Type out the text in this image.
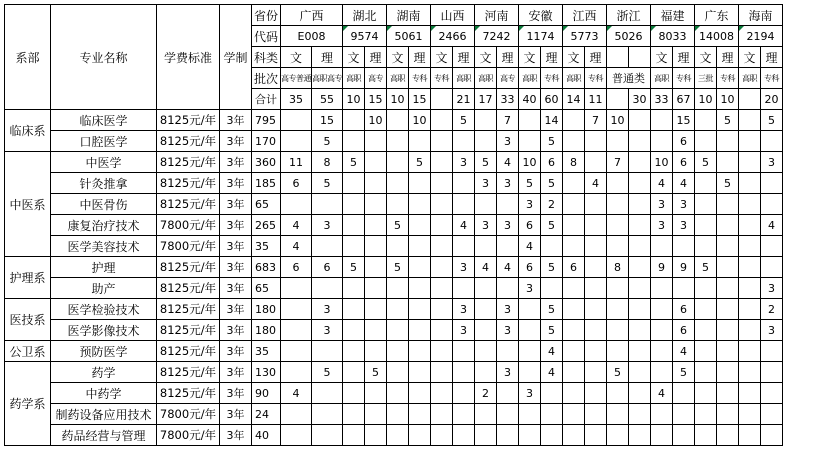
系部	专业名称	学费标准	学制	省份	广西		湖北		湖南		山西		河南		安徽		江西		浙江		福建		广东		海南	
				代码	E008		9574		5061		2466		7242		1174		5773		5026		8033		14008		2194	
				科类	文	理	文	理	文	理	文	理	文	理	文	理	文	理			文	理	文	理	文	理
				批次	高专普通	高职高专	高职	高专	高职	专科	专科	高职	高职	高专	高职	专科	高职	专科	普通类		高职	专科	三批	专科	高职	专科
				合计	35	55	10	15	10	15		21	17	33	40	60	14	11		30	33	67	10	10		20
临床系	临床医学	8125元/年	3年	795		15		10		10		5		7		14		7	10			15		5		5
	口腔医学	8125元/年	3年	170		5								3		5						6				
中医系	中医学	8125元/年	3年	360	11	8	5			5		3	5	4	10	6	8		7		10	6	5			3
	针灸推拿	8125元/年	3年	185	6	5							3	3	5	5		4			4	4		5		
	中医骨伤	8125元/年	3年	65											3	2					3	3				
	康复治疗技术	7800元/年	3年	265	4	3			5			4	3	3	6	5					3	3				4
	医学美容技术	7800元/年	3年	35	4										4											
护理系	护理	8125元/年	3年	683	6	6	5		5			3	4	4	6	5	6		8		9	9	5			
	助产	8125元/年	3年	65											3											3
医技系	医学检验技术	8125元/年	3年	180		3						3		3		5						6				2
	医学影像技术	8125元/年	3年	180		3						3		3		5						6				3
公卫系	预防医学	8125元/年	3年	35												4						4				
药学系	药学	8125元/年	3年	130		5		5						3		4			5			5				
	中药学	8125元/年	3年	90	4								2		3						4					
	制药设备应用技术	7800元/年	3年	24																						
	药品经营与管理	7800元/年	3年	40																						
